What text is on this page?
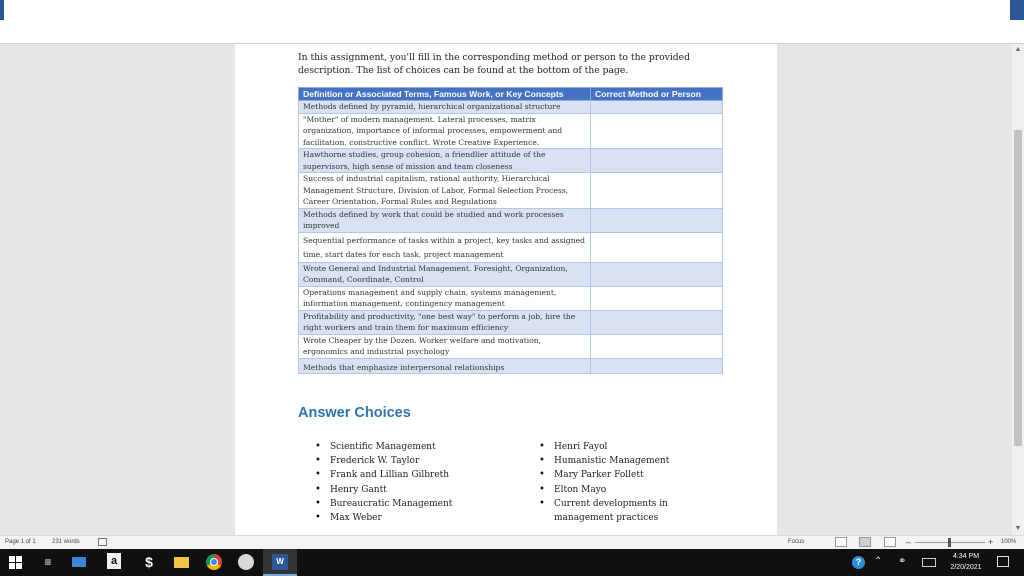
In this assignment, you'll fill in the corresponding method or person to the provided description. The list of choices can be found at the bottom of the page.

Definition or Associated Terms, Famous Work, or Key Concepts	Correct Method or Person
Methods defined by pyramid, hierarchical organizational structure	
"Mother" of modern management. Lateral processes, matrix organization, importance of informal processes, empowerment and facilitation, constructive conflict. Wrote Creative Experience.	
Hawthorne studies, group cohesion, a friendlier attitude of the supervisors, high sense of mission and team closeness	
Success of industrial capitalism, rational authority, Hierarchical Management Structure, Division of Labor, Formal Selection Process, Career Orientation, Formal Rules and Regulations	
Methods defined by work that could be studied and work processes improved	
Sequential performance of tasks within a project, key tasks and assigned time, start dates for each task, project management	
Wrote General and Industrial Management. Foresight, Organization, Command, Coordinate, Control	
Operations management and supply chain, systems management, information management, contingency management	
Profitability and productivity, "one best way" to perform a job, hire the right workers and train them for maximum efficiency	
Wrote Cheaper by the Dozen. Worker welfare and motivation, ergonomics and industrial psychology	
Methods that emphasize interpersonal relationships	
Answer Choices
• Scientific Management
• Frederick W. Taylor
• Frank and Lillian Gilbreth
• Henry Gantt
• Bureaucratic Management
• Max Weber
• Henri Fayol
• Humanistic Management
• Mary Parker Follett
• Elton Mayo
• Current developments in management practices
▲
▼
Page 1 of 1	231 words	Focus	–	+ 100%
≡	a $	W	?	⌃	⚭	4:34 PM
2/20/2021
